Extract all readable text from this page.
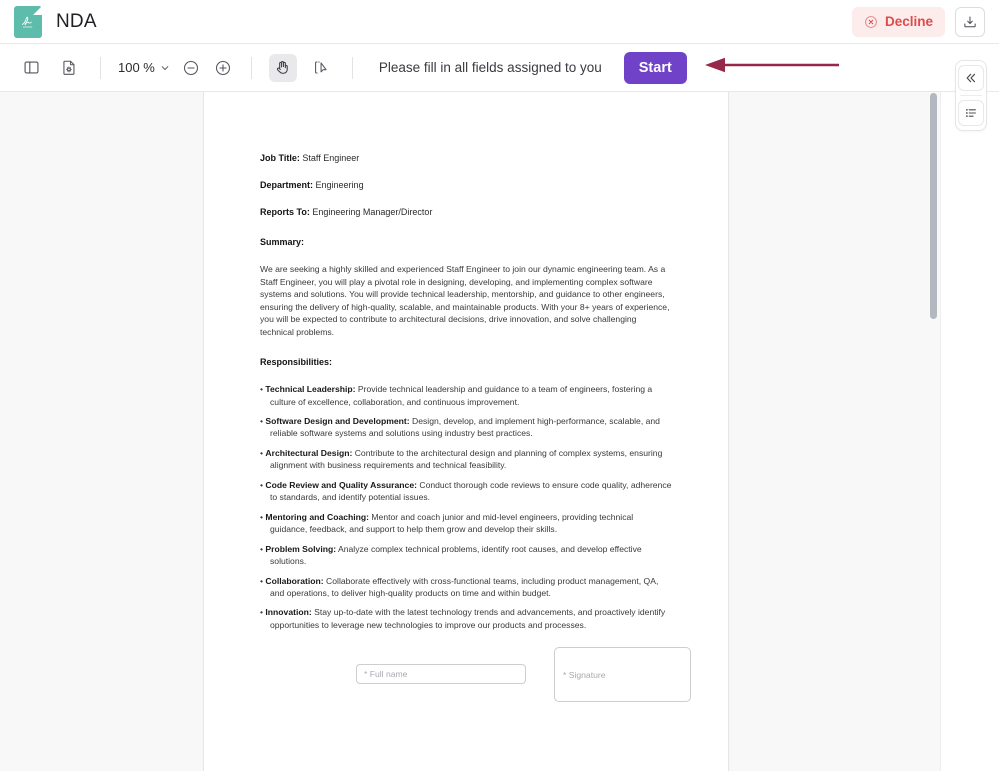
NDA	Decline
100 %	Please fill in all fields assigned to you	Start
Job Title: Staff Engineer
Department: Engineering
Reports To: Engineering Manager/Director
Summary:
We are seeking a highly skilled and experienced Staff Engineer to join our dynamic engineering team. As a Staff Engineer, you will play a pivotal role in designing, developing, and implementing complex software systems and solutions. You will provide technical leadership, mentorship, and guidance to other engineers, ensuring the delivery of high-quality, scalable, and maintainable products. With your 8+ years of experience, you will be expected to contribute to architectural decisions, drive innovation, and solve challenging technical problems.
Responsibilities:
• Technical Leadership: Provide technical leadership and guidance to a team of engineers, fostering a culture of excellence, collaboration, and continuous improvement.
• Software Design and Development: Design, develop, and implement high-performance, scalable, and reliable software systems and solutions using industry best practices.
• Architectural Design: Contribute to the architectural design and planning of complex systems, ensuring alignment with business requirements and technical feasibility.
• Code Review and Quality Assurance: Conduct thorough code reviews to ensure code quality, adherence to standards, and identify potential issues.
• Mentoring and Coaching: Mentor and coach junior and mid-level engineers, providing technical guidance, feedback, and support to help them grow and develop their skills.
• Problem Solving: Analyze complex technical problems, identify root causes, and develop effective solutions.
• Collaboration: Collaborate effectively with cross-functional teams, including product management, QA, and operations, to deliver high-quality products on time and within budget.
• Innovation: Stay up-to-date with the latest technology trends and advancements, and proactively identify opportunities to leverage new technologies to improve our products and processes.
* Full name	* Signature
